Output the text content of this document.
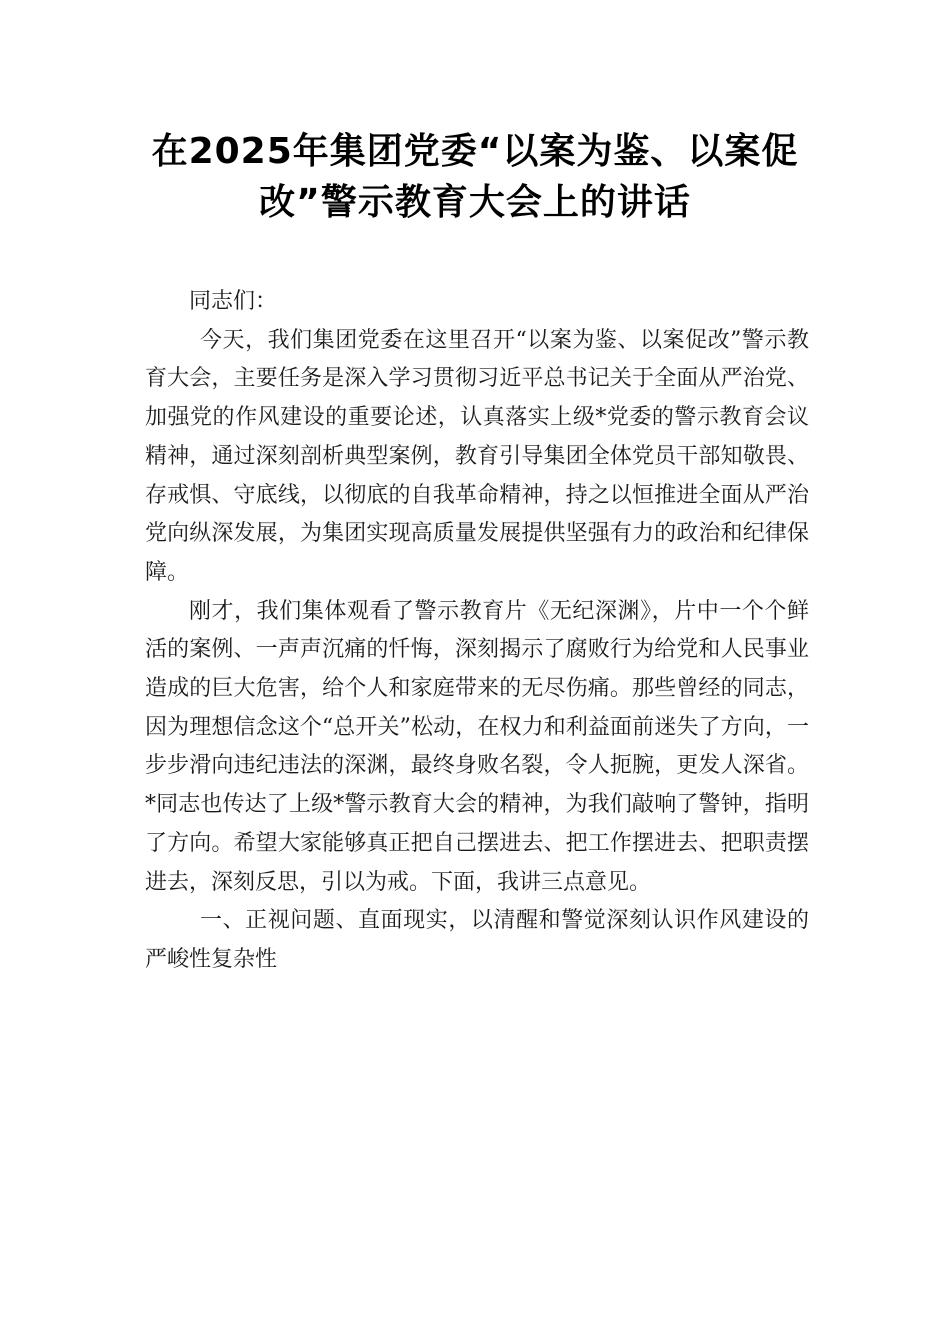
在2025年集团党委“以案为鉴、以案促
改”警示教育大会上的讲话

同志们：

今天，我们集团党委在这里召开“以案为鉴、以案促改”警示教育大会，主要任务是深入学习贯彻习近平总书记关于全面从严治党、加强党的作风建设的重要论述，认真落实上级*党委的警示教育会议精神，通过深刻剖析典型案例，教育引导集团全体党员干部知敬畏、存戒惧、守底线，以彻底的自我革命精神，持之以恒推进全面从严治党向纵深发展，为集团实现高质量发展提供坚强有力的政治和纪律保障。

刚才，我们集体观看了警示教育片《无纪深渊》，片中一个个鲜活的案例、一声声沉痛的忏悔，深刻揭示了腐败行为给党和人民事业造成的巨大危害，给个人和家庭带来的无尽伤痛。那些曾经的同志，因为理想信念这个“总开关”松动，在权力和利益面前迷失了方向，一步步滑向违纪违法的深渊，最终身败名裂，令人扼腕，更发人深省。*同志也传达了上级*警示教育大会的精神，为我们敲响了警钟，指明了方向。希望大家能够真正把自己摆进去、把工作摆进去、把职责摆进去，深刻反思，引以为戒。下面，我讲三点意见。

一、正视问题、直面现实，以清醒和警觉深刻认识作风建设的严峻性复杂性
